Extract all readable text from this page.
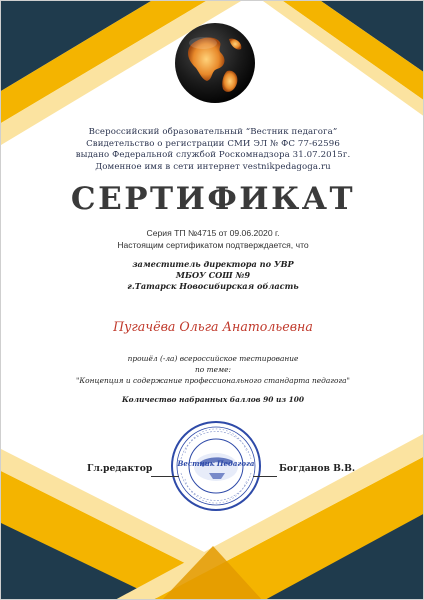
Всероссийский образовательный “Вестник педагога”
Свидетельство о регистрации СМИ ЭЛ № ФС 77-62596
выдано Федеральной службой Роскомнадзора 31.07.2015г.
Доменное имя в сети интернет vestnikpedagoga.ru
СЕРТИФИКАТ
Серия ТП №4715 от 09.06.2020 г.
Настоящим сертификатом подтверждается, что
заместитель директора по УВР
МБОУ СОШ №9
г.Татарск Новосибирская область
Пугачёва Ольга Анатольевна
прошёл (-ла) всероссийское тестирование
по теме:
"Концепция и содержание профессионального стандарта педагога"
Количество набранных баллов 90 из 100
Вестник Педагога
Гл.редактор	Богданов В.В.
